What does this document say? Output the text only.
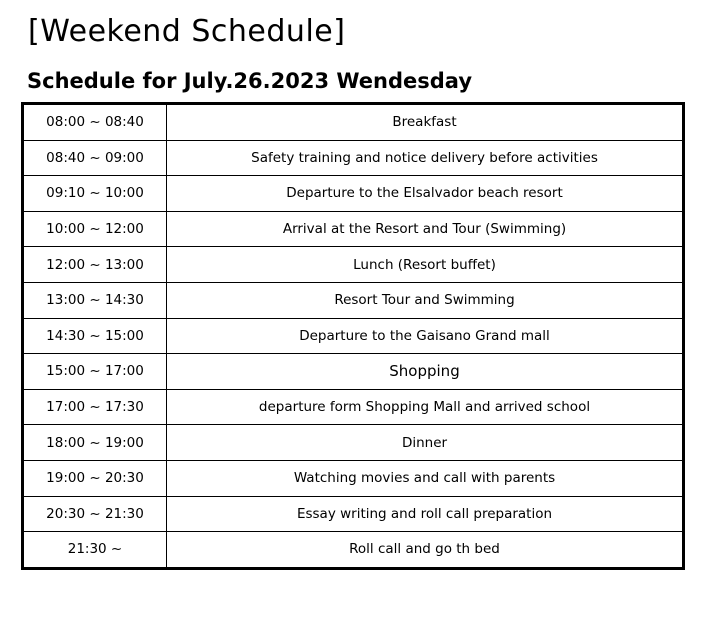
[Weekend Schedule]
Schedule for July.26.2023 Wendesday
08:00 ~ 08:40	Breakfast
08:40 ~ 09:00	Safety training and notice delivery before activities
09:10 ~ 10:00	Departure to the Elsalvador beach resort
10:00 ~ 12:00	Arrival at the Resort and Tour (Swimming)
12:00 ~ 13:00	Lunch (Resort buffet)
13:00 ~ 14:30	Resort Tour and Swimming
14:30 ~ 15:00	Departure to the Gaisano Grand mall
15:00 ~ 17:00	Shopping
17:00 ~ 17:30	departure form Shopping Mall and arrived school
18:00 ~ 19:00	Dinner
19:00 ~ 20:30	Watching movies and call with parents
20:30 ~ 21:30	Essay writing and roll call preparation
21:30 ~	Roll call and go th bed
